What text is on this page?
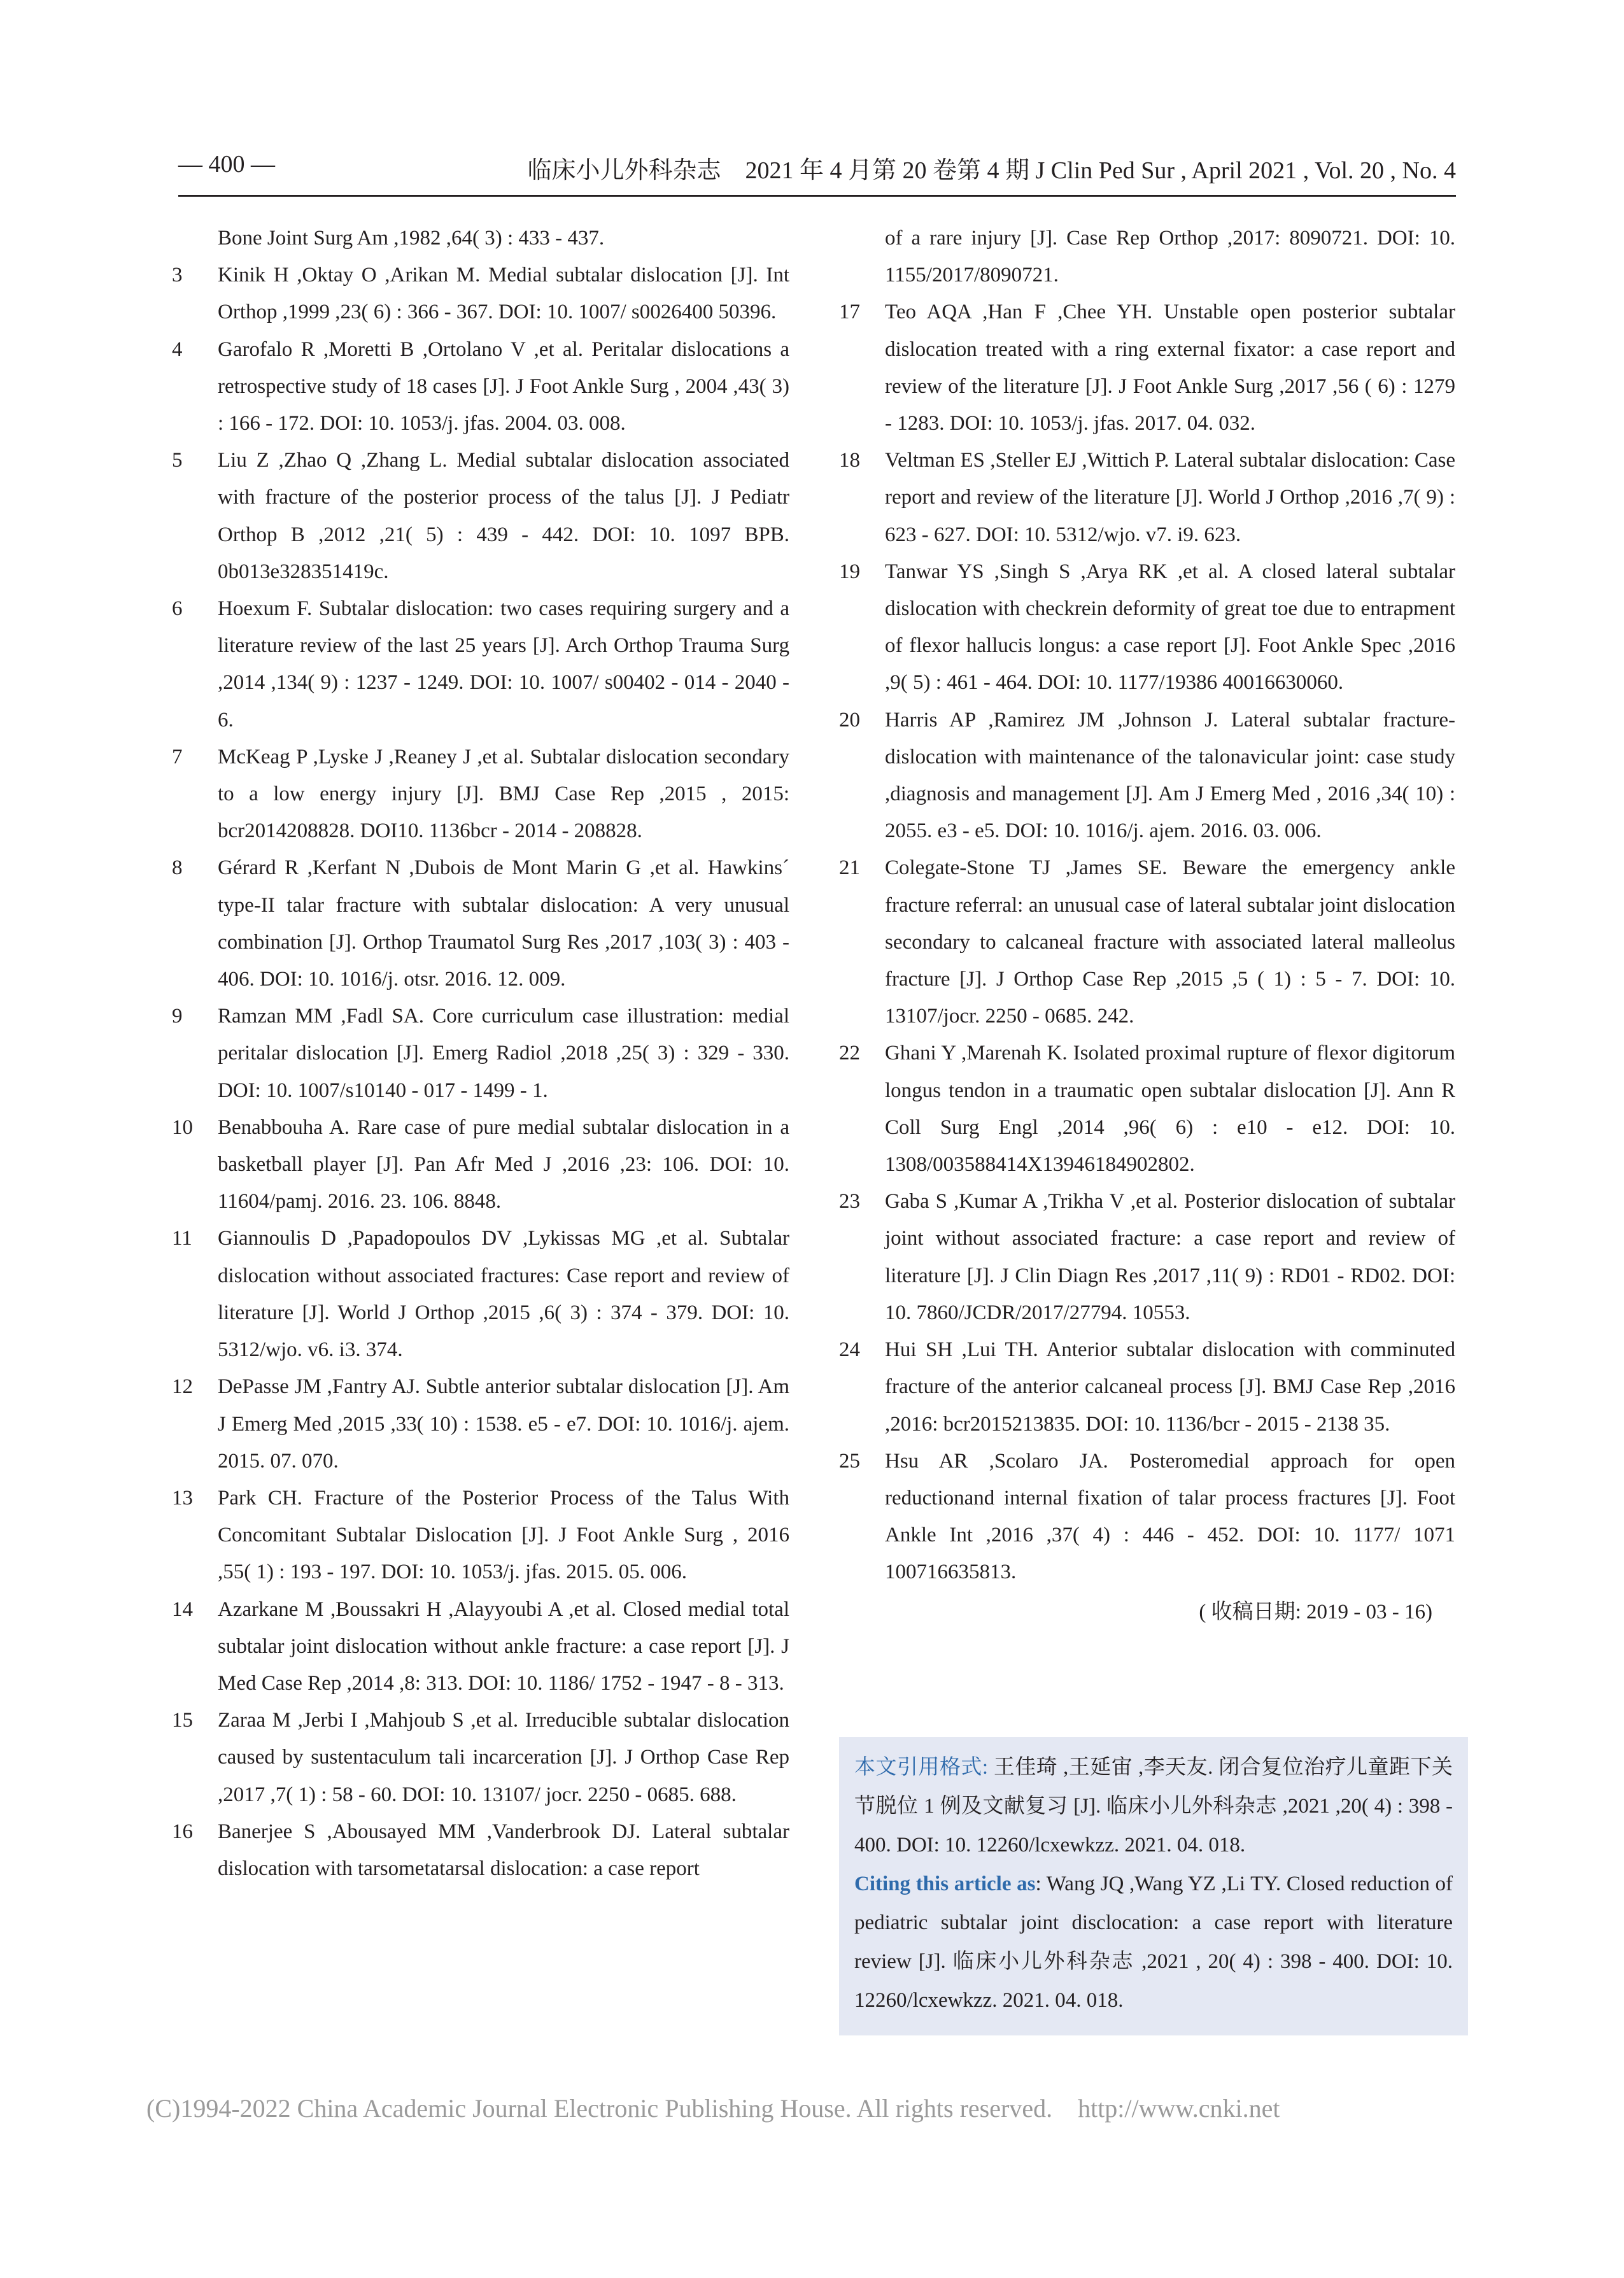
— 400 —	临床小儿外科杂志　2021 年 4 月第 20 卷第 4 期 J Clin Ped Sur , April 2021 , Vol. 20 , No. 4
Bone Joint Surg Am ,1982 ,64( 3) : 433 - 437.
3	Kinik H ,Oktay O ,Arikan M. Medial subtalar dislocation [J]. Int Orthop ,1999 ,23( 6) : 366 - 367. DOI: 10. 1007/ s0026400 50396.
4	Garofalo R ,Moretti B ,Ortolano V ,et al. Peritalar dislocations a retrospective study of 18 cases [J]. J Foot Ankle Surg , 2004 ,43( 3) : 166 - 172. DOI: 10. 1053/j. jfas. 2004. 03. 008.
5	Liu Z ,Zhao Q ,Zhang L. Medial subtalar dislocation associated with fracture of the posterior process of the talus [J]. J Pediatr Orthop B ,2012 ,21( 5) : 439 - 442. DOI: 10. 1097 BPB. 0b013e328351419c.
6	Hoexum F. Subtalar dislocation: two cases requiring surgery and a literature review of the last 25 years [J]. Arch Orthop Trauma Surg ,2014 ,134( 9) : 1237 - 1249. DOI: 10. 1007/ s00402 - 014 - 2040 - 6.
7	McKeag P ,Lyske J ,Reaney J ,et al. Subtalar dislocation secondary to a low energy injury [J]. BMJ Case Rep ,2015 , 2015: bcr2014208828. DOI10. 1136bcr - 2014 - 208828.
8	Gérard R ,Kerfant N ,Dubois de Mont Marin G ,et al. Hawkins´ type-II talar fracture with subtalar dislocation: A very unusual combination [J]. Orthop Traumatol Surg Res ,2017 ,103( 3) : 403 - 406. DOI: 10. 1016/j. otsr. 2016. 12. 009.
9	Ramzan MM ,Fadl SA. Core curriculum case illustration: medial peritalar dislocation [J]. Emerg Radiol ,2018 ,25( 3) : 329 - 330. DOI: 10. 1007/s10140 - 017 - 1499 - 1.
10	Benabbouha A. Rare case of pure medial subtalar dislocation in a basketball player [J]. Pan Afr Med J ,2016 ,23: 106. DOI: 10. 11604/pamj. 2016. 23. 106. 8848.
11	Giannoulis D ,Papadopoulos DV ,Lykissas MG ,et al. Subtalar dislocation without associated fractures: Case report and review of literature [J]. World J Orthop ,2015 ,6( 3) : 374 - 379. DOI: 10. 5312/wjo. v6. i3. 374.
12	DePasse JM ,Fantry AJ. Subtle anterior subtalar dislocation [J]. Am J Emerg Med ,2015 ,33( 10) : 1538. e5 - e7. DOI: 10. 1016/j. ajem. 2015. 07. 070.
13	Park CH. Fracture of the Posterior Process of the Talus With Concomitant Subtalar Dislocation [J]. J Foot Ankle Surg , 2016 ,55( 1) : 193 - 197. DOI: 10. 1053/j. jfas. 2015. 05. 006.
14	Azarkane M ,Boussakri H ,Alayyoubi A ,et al. Closed medial total subtalar joint dislocation without ankle fracture: a case report [J]. J Med Case Rep ,2014 ,8: 313. DOI: 10. 1186/ 1752 - 1947 - 8 - 313.
15	Zaraa M ,Jerbi I ,Mahjoub S ,et al. Irreducible subtalar dislocation caused by sustentaculum tali incarceration [J]. J Orthop Case Rep ,2017 ,7( 1) : 58 - 60. DOI: 10. 13107/ jocr. 2250 - 0685. 688.
16	Banerjee S ,Abousayed MM ,Vanderbrook DJ. Lateral subtalar dislocation with tarsometatarsal dislocation: a case report
of a rare injury [J]. Case Rep Orthop ,2017: 8090721. DOI: 10. 1155/2017/8090721.
17	Teo AQA ,Han F ,Chee YH. Unstable open posterior subtalar dislocation treated with a ring external fixator: a case report and review of the literature [J]. J Foot Ankle Surg ,2017 ,56 ( 6) : 1279 - 1283. DOI: 10. 1053/j. jfas. 2017. 04. 032.
18	Veltman ES ,Steller EJ ,Wittich P. Lateral subtalar dislocation: Case report and review of the literature [J]. World J Orthop ,2016 ,7( 9) : 623 - 627. DOI: 10. 5312/wjo. v7. i9. 623.
19	Tanwar YS ,Singh S ,Arya RK ,et al. A closed lateral subtalar dislocation with checkrein deformity of great toe due to entrapment of flexor hallucis longus: a case report [J]. Foot Ankle Spec ,2016 ,9( 5) : 461 - 464. DOI: 10. 1177/19386 40016630060.
20	Harris AP ,Ramirez JM ,Johnson J. Lateral subtalar fracture-dislocation with maintenance of the talonavicular joint: case study ,diagnosis and management [J]. Am J Emerg Med , 2016 ,34( 10) : 2055. e3 - e5. DOI: 10. 1016/j. ajem. 2016. 03. 006.
21	Colegate-Stone TJ ,James SE. Beware the emergency ankle fracture referral: an unusual case of lateral subtalar joint dislocation secondary to calcaneal fracture with associated lateral malleolus fracture [J]. J Orthop Case Rep ,2015 ,5 ( 1) : 5 - 7. DOI: 10. 13107/jocr. 2250 - 0685. 242.
22	Ghani Y ,Marenah K. Isolated proximal rupture of flexor digitorum longus tendon in a traumatic open subtalar dislocation [J]. Ann R Coll Surg Engl ,2014 ,96( 6) : e10 - e12. DOI: 10. 1308/003588414X13946184902802.
23	Gaba S ,Kumar A ,Trikha V ,et al. Posterior dislocation of subtalar joint without associated fracture: a case report and review of literature [J]. J Clin Diagn Res ,2017 ,11( 9) : RD01 - RD02. DOI: 10. 7860/JCDR/2017/27794. 10553.
24	Hui SH ,Lui TH. Anterior subtalar dislocation with comminuted fracture of the anterior calcaneal process [J]. BMJ Case Rep ,2016 ,2016: bcr2015213835. DOI: 10. 1136/bcr - 2015 - 2138 35.
25	Hsu AR ,Scolaro JA. Posteromedial approach for open reductionand internal fixation of talar process fractures [J]. Foot Ankle Int ,2016 ,37( 4) : 446 - 452. DOI: 10. 1177/ 1071 100716635813.
( 收稿日期: 2019 - 03 - 16)
本文引用格式: 王佳琦 ,王延宙 ,李天友. 闭合复位治疗儿童距下关节脱位 1 例及文献复习 [J]. 临床小儿外科杂志 ,2021 ,20( 4) : 398 - 400. DOI: 10. 12260/lcxewkzz. 2021. 04. 018.
Citing this article as: Wang JQ ,Wang YZ ,Li TY. Closed reduction of pediatric subtalar joint disclocation: a case report with literature review [J]. 临床小儿外科杂志 ,2021 , 20( 4) : 398 - 400. DOI: 10. 12260/lcxewkzz. 2021. 04. 018.
(C)1994-2022 China Academic Journal Electronic Publishing House. All rights reserved. http://www.cnki.net
